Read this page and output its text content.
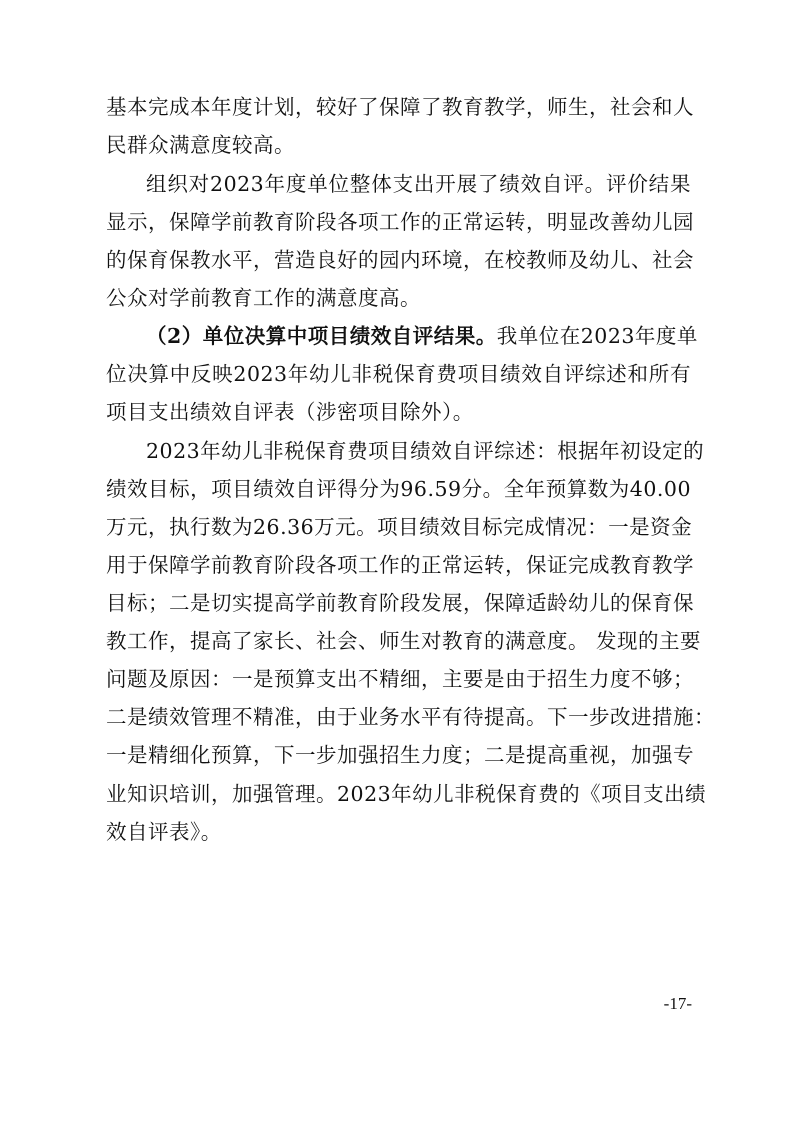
基本完成本年度计划，较好了保障了教育教学，师生，社会和人
民群众满意度较高。
组织对2023年度单位整体支出开展了绩效自评。评价结果
显示，保障学前教育阶段各项工作的正常运转，明显改善幼儿园
的保育保教水平，营造良好的园内环境，在校教师及幼儿、社会
公众对学前教育工作的满意度高。
（2）单位决算中项目绩效自评结果。我单位在2023年度单
位决算中反映2023年幼儿非税保育费项目绩效自评综述和所有
项目支出绩效自评表（涉密项目除外）。
2023年幼儿非税保育费项目绩效自评综述：根据年初设定的
绩效目标，项目绩效自评得分为96.59分。全年预算数为40.00
万元，执行数为26.36万元。项目绩效目标完成情况：一是资金
用于保障学前教育阶段各项工作的正常运转，保证完成教育教学
目标；二是切实提高学前教育阶段发展，保障适龄幼儿的保育保
教工作，提高了家长、社会、师生对教育的满意度。 发现的主要
问题及原因：一是预算支出不精细，主要是由于招生力度不够；
二是绩效管理不精准，由于业务水平有待提高。下一步改进措施：
一是精细化预算，下一步加强招生力度；二是提高重视，加强专
业知识培训，加强管理。2023年幼儿非税保育费的《项目支出绩
效自评表》。
-17-
